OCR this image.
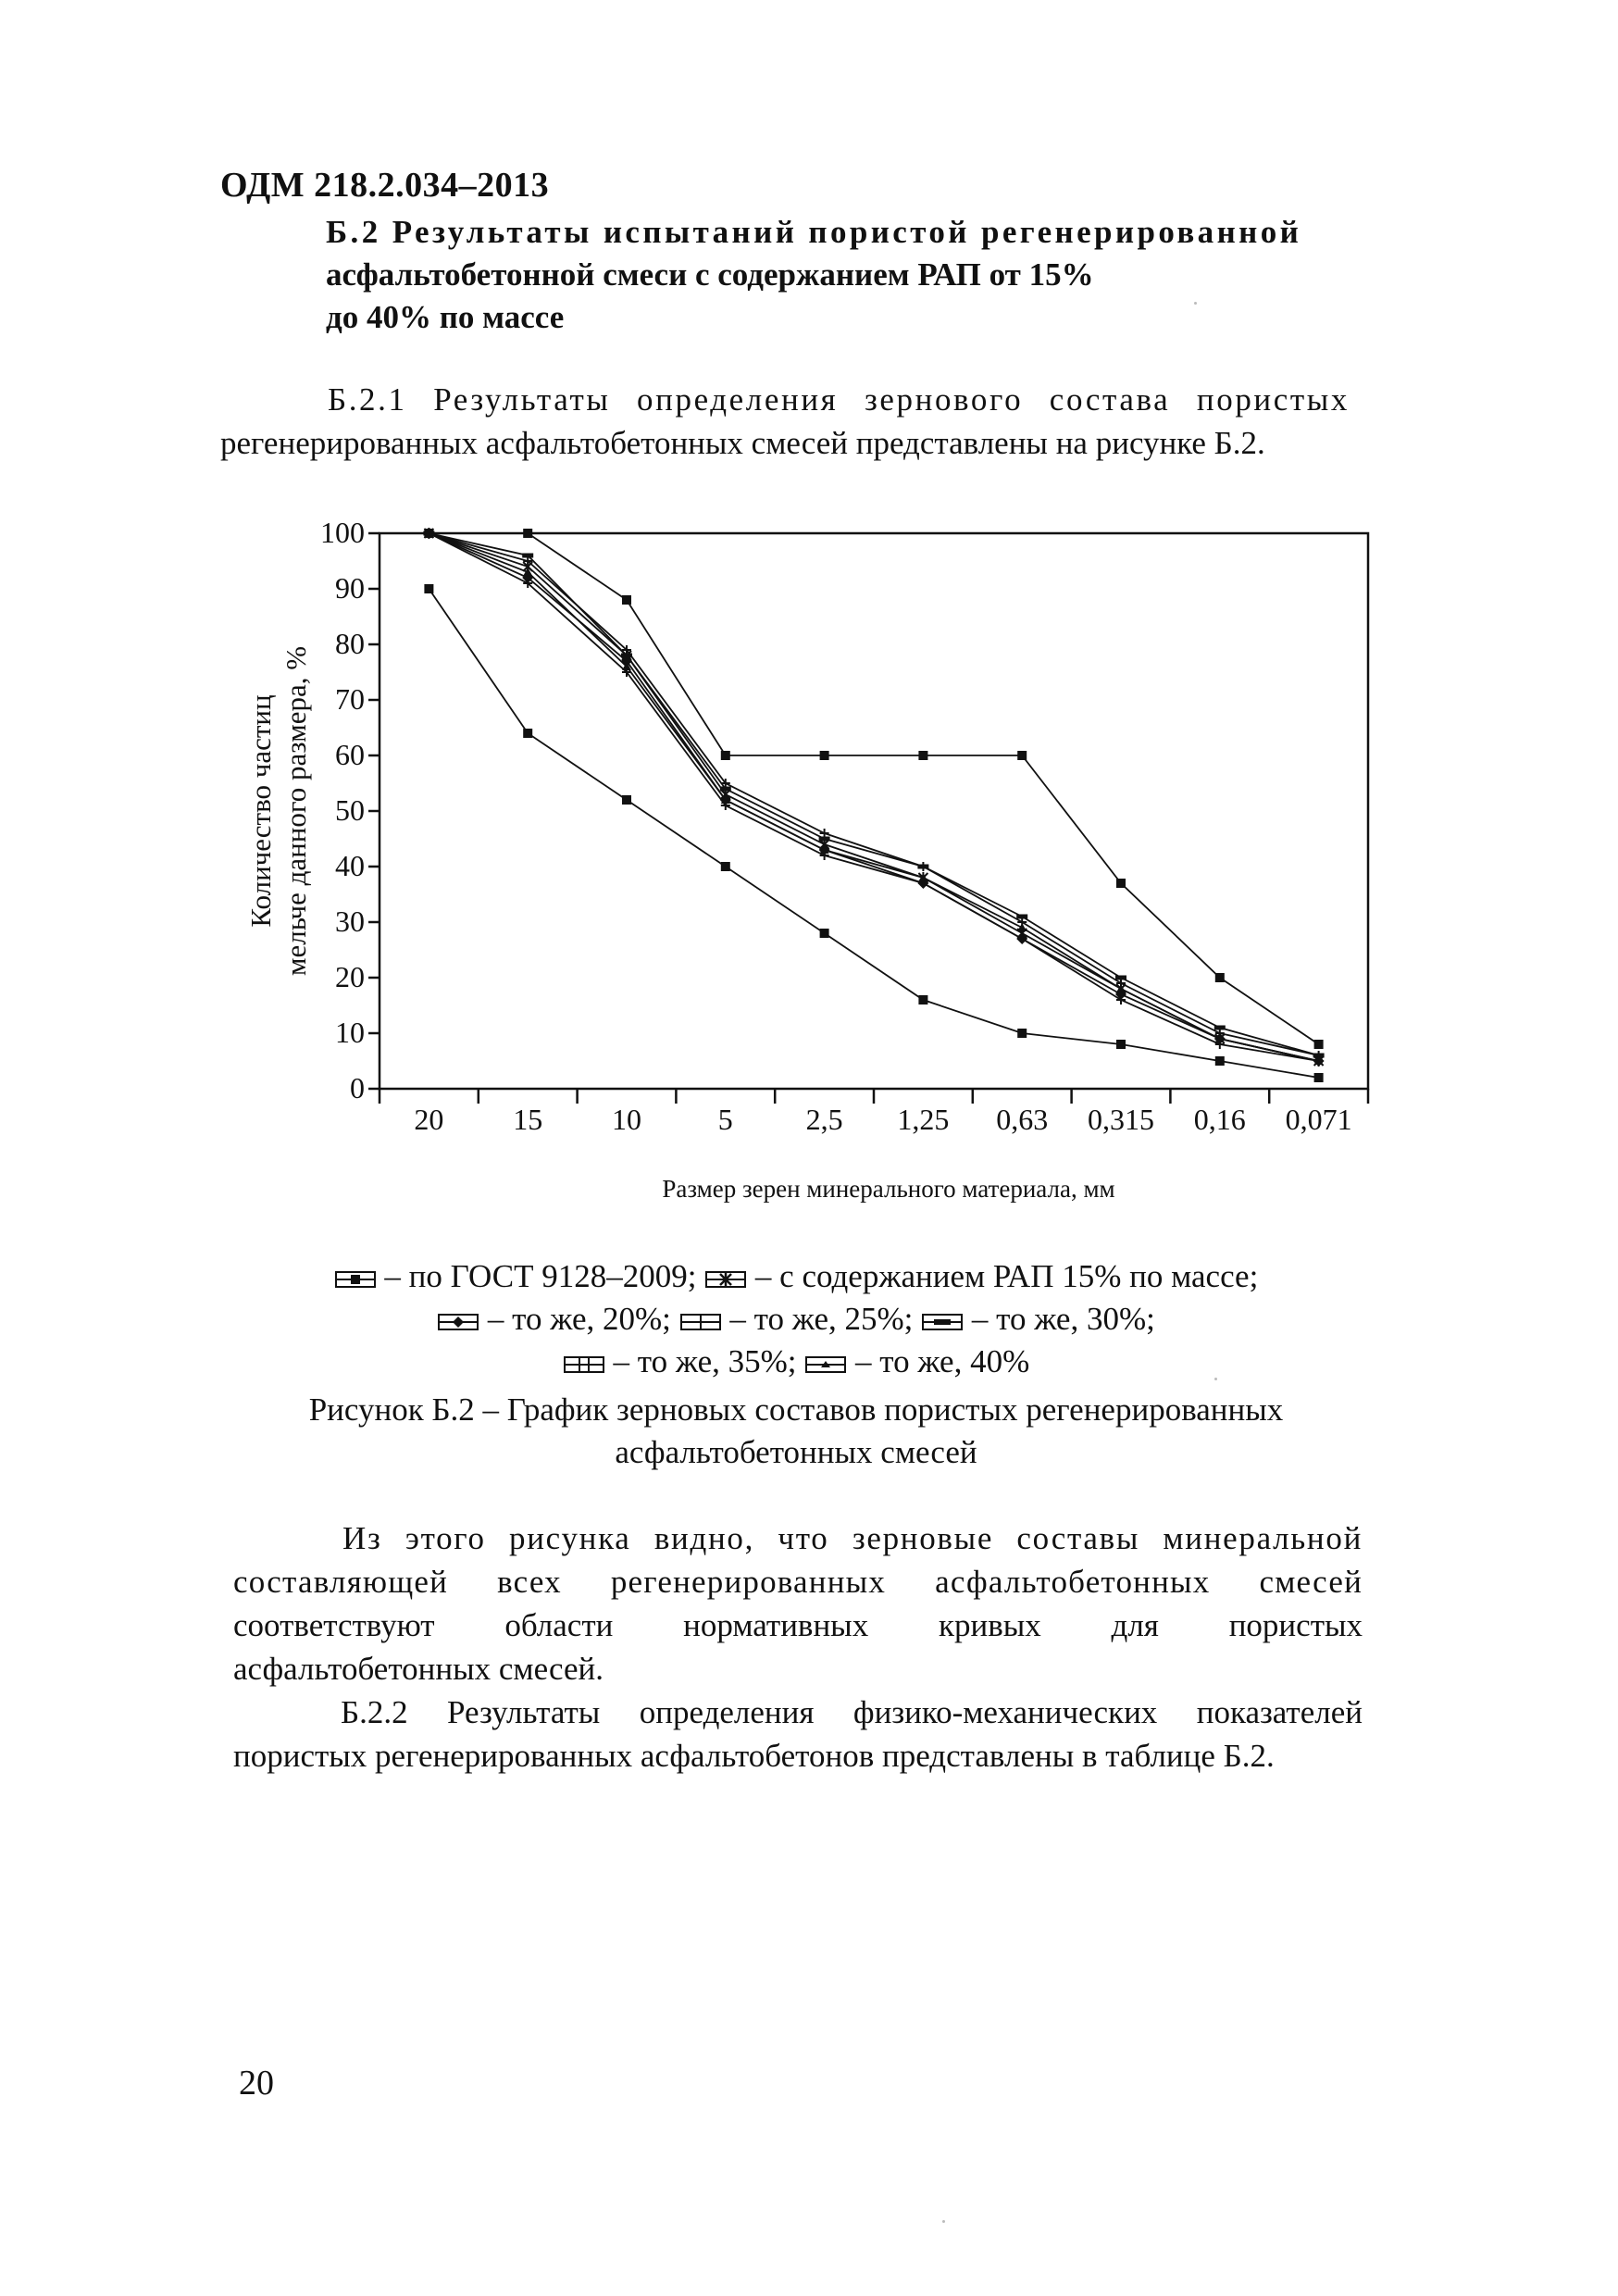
ОДМ 218.2.034–2013
Б.2 Результаты испытаний пористой регенерированной
асфальтобетонной смеси с содержанием РАП от 15%
до 40% по массе
Б.2.1 Результаты определения зернового состава пористых
регенерированных асфальтобетонных смесей представлены на рисунке Б.2.
0
10
20
30
40
50
60
70
80
90
100
20 15 10	5 2,5 1,25 0,63 0,315 0,16 0,071
Количество частиц мельче данного размера, %
Размер зерен минерального материала, мм
– по ГОСТ 9128–2009; – с содержанием РАП 15% по массе;
– то же, 20%; – то же, 25%; – то же, 30%;
– то же, 35%; – то же, 40%
Рисунок Б.2 – График зерновых составов пористых регенерированных
асфальтобетонных смесей
Из этого рисунка видно, что зерновые составы минеральной
составляющей всех регенерированных асфальтобетонных смесей
соответствуют области нормативных кривых для пористых
асфальтобетонных смесей.
Б.2.2 Результаты определения физико-механических показателей
пористых регенерированных асфальтобетонов представлены в таблице Б.2.
20
